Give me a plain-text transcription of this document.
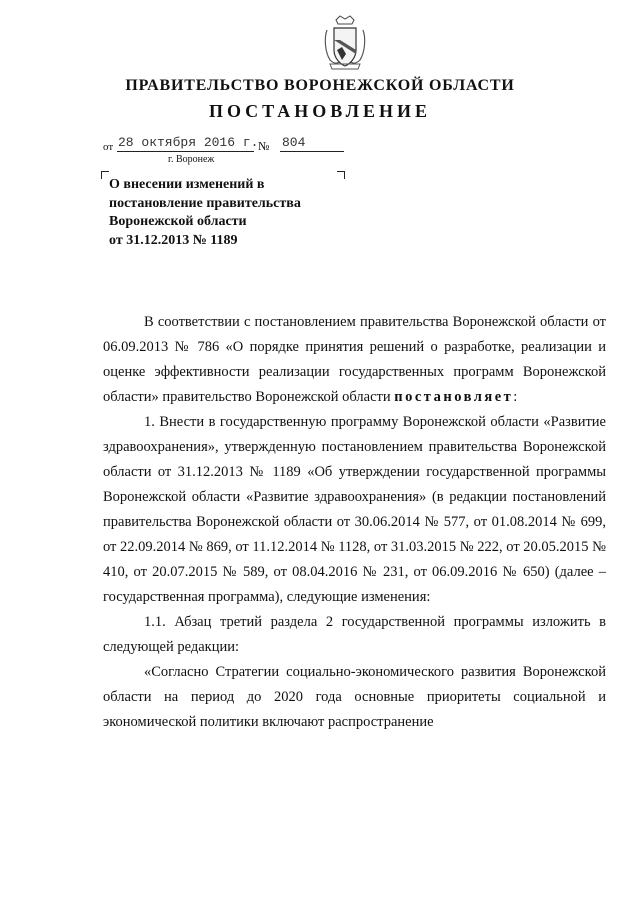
ПРАВИТЕЛЬСТВО ВОРОНЕЖСКОЙ ОБЛАСТИ
ПОСТАНОВЛЕНИЕ
от 28 октября 2016 г. № 804
г. Воронеж
О внесении изменений в
постановление правительства
Воронежской области
от 31.12.2013 № 1189

В соответствии с постановлением правительства Воронежской области от 06.09.2013 № 786 «О порядке принятия решений о разработке, реализации и оценке эффективности реализации государственных программ Воронежской области» правительство Воронежской области постановляет:

1. Внести в государственную программу Воронежской области «Развитие здравоохранения», утвержденную постановлением правительства Воронежской области от 31.12.2013 № 1189 «Об утверждении государственной программы Воронежской области «Развитие здравоохранения» (в редакции постановлений правительства Воронежской области от 30.06.2014 № 577, от 01.08.2014 № 699, от 22.09.2014 № 869, от 11.12.2014 № 1128, от 31.03.2015 № 222, от 20.05.2015 № 410, от 20.07.2015 № 589, от 08.04.2016 № 231, от 06.09.2016 № 650) (далее – государственная программа), следующие изменения:

1.1. Абзац третий раздела 2 государственной программы изложить в следующей редакции:

«Согласно Стратегии социально-экономического развития Воронежской области на период до 2020 года основные приоритеты социальной и экономической политики включают распространение
